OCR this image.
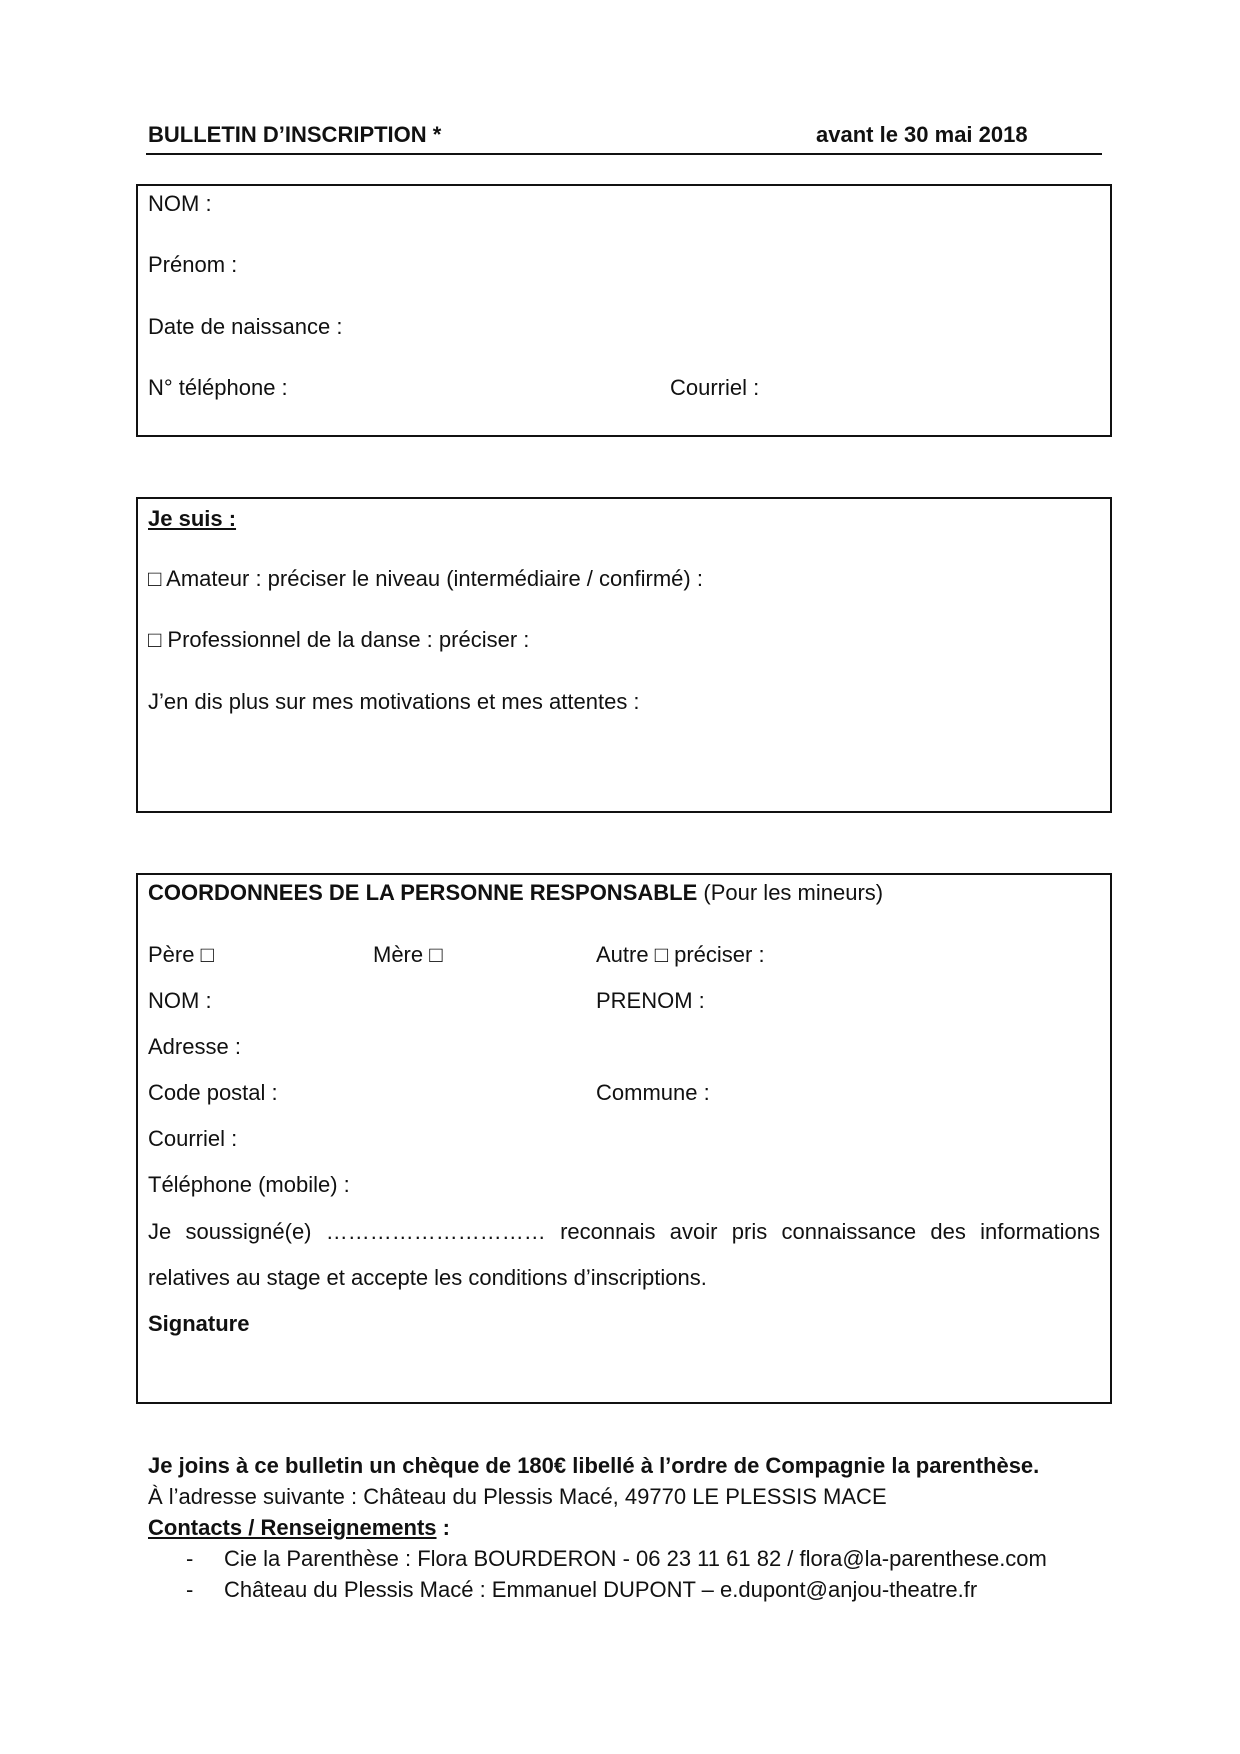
BULLETIN D’INSCRIPTION *	avant le 30 mai 2018
NOM :
Prénom :
Date de naissance :
N° téléphone :	Courriel :
Je suis :
□ Amateur : préciser le niveau (intermédiaire / confirmé) :
□ Professionnel de la danse : préciser :
J’en dis plus sur mes motivations et mes attentes :
COORDONNEES DE LA PERSONNE RESPONSABLE (Pour les mineurs)
Père □	Mère □	Autre □ préciser :
NOM :	PRENOM :
Adresse :
Code postal :	Commune :
Courriel :
Téléphone (mobile) :
Je soussigné(e) ………………………… reconnais avoir pris connaissance des informations
relatives au stage et accepte les conditions d’inscriptions.
Signature
Je joins à ce bulletin un chèque de 180€ libellé à l’ordre de Compagnie la parenthèse.
À l’adresse suivante : Château du Plessis Macé, 49770 LE PLESSIS MACE
Contacts / Renseignements :
- Cie la Parenthèse : Flora BOURDERON - 06 23 11 61 82 / flora@la-parenthese.com
- Château du Plessis Macé : Emmanuel DUPONT – e.dupont@anjou-theatre.fr
